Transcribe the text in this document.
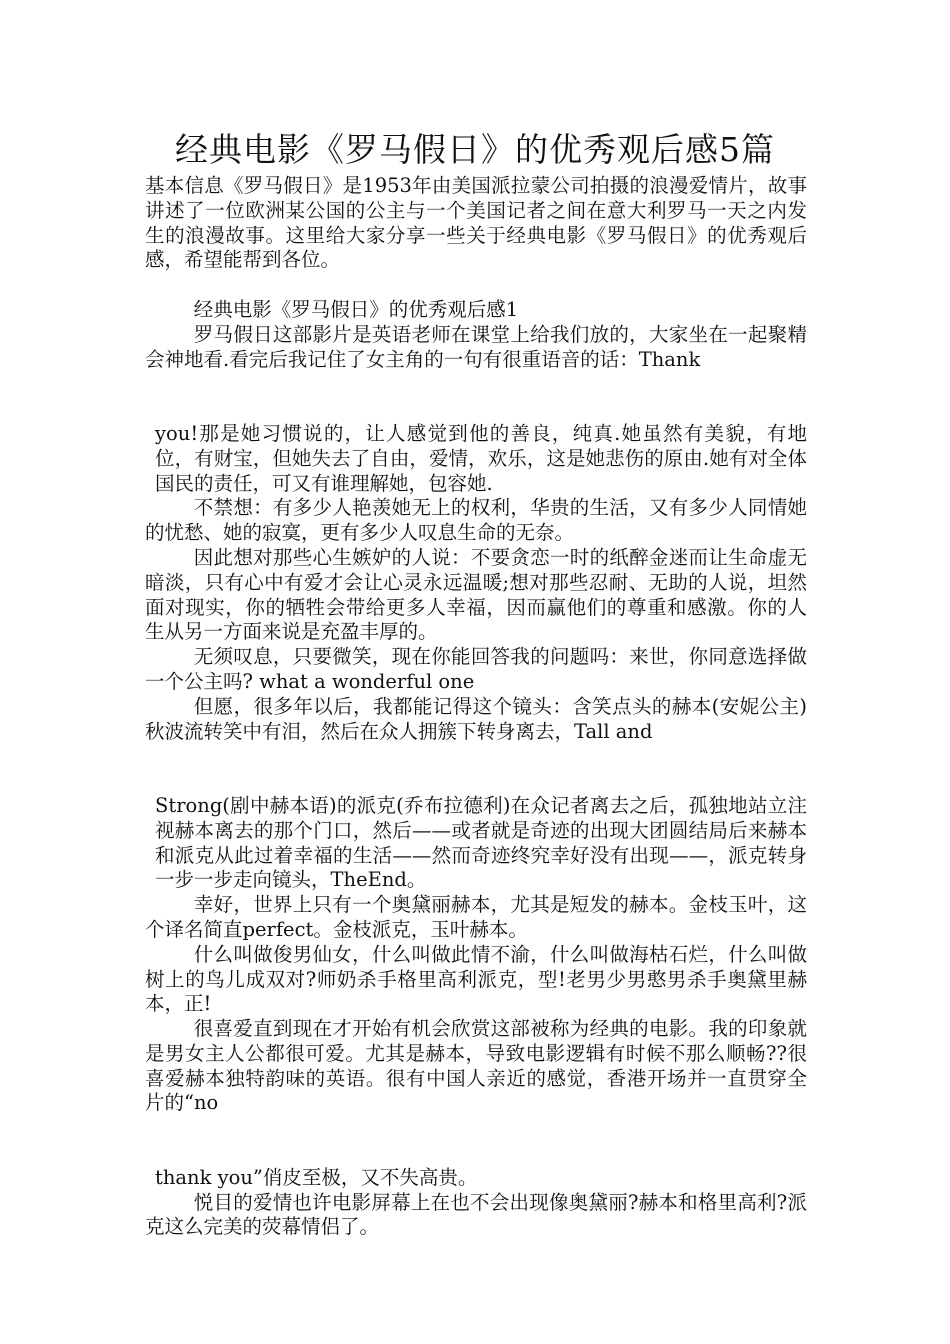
经典电影《罗马假日》的优秀观后感5篇

基本信息《罗马假日》是1953年由美国派拉蒙公司拍摄的浪漫爱情片，故事讲述了一位欧洲某公国的公主与一个美国记者之间在意大利罗马一天之内发生的浪漫故事。这里给大家分享一些关于经典电影《罗马假日》的优秀观后感，希望能帮到各位。

经典电影《罗马假日》的优秀观后感1

罗马假日这部影片是英语老师在课堂上给我们放的，大家坐在一起聚精会神地看.看完后我记住了女主角的一句有很重语音的话：Thank

you!那是她习惯说的，让人感觉到他的善良，纯真.她虽然有美貌，有地位，有财宝，但她失去了自由，爱情，欢乐，这是她悲伤的原由.她有对全体国民的责任，可又有谁理解她，包容她.

不禁想：有多少人艳羡她无上的权利，华贵的生活，又有多少人同情她的忧愁、她的寂寞，更有多少人叹息生命的无奈。

因此想对那些心生嫉妒的人说：不要贪恋一时的纸醉金迷而让生命虚无暗淡，只有心中有爱才会让心灵永远温暖;想对那些忍耐、无助的人说，坦然面对现实，你的牺牲会带给更多人幸福，因而赢他们的尊重和感激。你的人生从另一方面来说是充盈丰厚的。

无须叹息，只要微笑，现在你能回答我的问题吗：来世，你同意选择做一个公主吗? what a wonderful one

但愿，很多年以后，我都能记得这个镜头：含笑点头的赫本(安妮公主)秋波流转笑中有泪，然后在众人拥簇下转身离去，Tall and

Strong(剧中赫本语)的派克(乔布拉德利)在众记者离去之后，孤独地站立注视赫本离去的那个门口，然后——或者就是奇迹的出现大团圆结局后来赫本和派克从此过着幸福的生活——然而奇迹终究幸好没有出现——，派克转身一步一步走向镜头，TheEnd。

幸好，世界上只有一个奥黛丽赫本，尤其是短发的赫本。金枝玉叶，这个译名简直perfect。金枝派克，玉叶赫本。

什么叫做俊男仙女，什么叫做此情不渝，什么叫做海枯石烂，什么叫做树上的鸟儿成双对?师奶杀手格里高利派克，型!老男少男憨男杀手奥黛里赫本，正!

很喜爱直到现在才开始有机会欣赏这部被称为经典的电影。我的印象就是男女主人公都很可爱。尤其是赫本，导致电影逻辑有时候不那么顺畅??很喜爱赫本独特韵味的英语。很有中国人亲近的感觉，香港开场并一直贯穿全片的“no

thank you”俏皮至极，又不失高贵。

悦目的爱情也许电影屏幕上在也不会出现像奥黛丽?赫本和格里高利?派克这么完美的荧幕情侣了。
